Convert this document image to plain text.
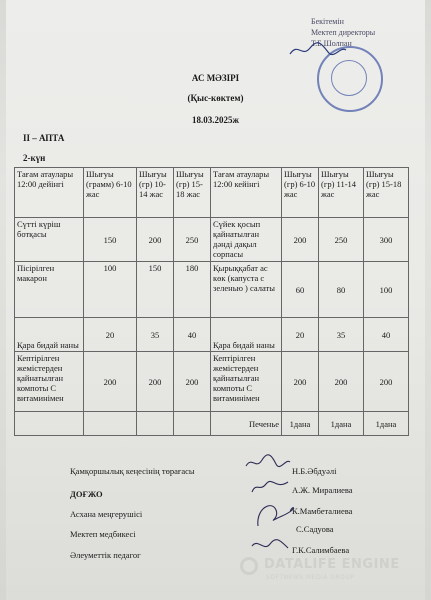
Бекітемін
Мектеп директоры
Т.Б.Шолпан
АС МӘЗІРІ
(Қыс-көктем)
18.03.2025ж
II – АПТА
2-күн
Тағам атаулары 12:00 дейінгі	Шығуы (грамм) 6-10 жас	Шығуы (гр) 10-14 жас	Шығуы (гр) 15-18 жас	Тағам атаулары 12:00 кейінгі	Шығуы (гр) 6-10 жас	Шығуы (гр) 11-14 жас	Шығуы (гр) 15-18 жас
Сүтті күріш ботқасы	150	200	250	Сүйек қосып қайнатылған дәнді дақыл сорпасы	200	250	300
Пісірілген макарон	100	150	180	Қырыққабат ас көк (капуста с зеленью ) салаты	60	80	100
Қара бидай наны	20	35	40	Қара бидай наны	20	35	40
Кептірілген жемістерден қайнатылған компоты С витаминімен	200	200	200	Кептірілген жемістерден қайнатылған компоты С витаминімен	200	200	200
				Печенье	1дана	1дана	1дана
Қамқоршылық кеңесінің төрағасы	Н.Б.Әбдуәлі
ДОҒЖО	А.Ж. Миралиева
Асхана меңгерушісі	К.Мамбеталиева
Мектеп медбикесі	С.Садуова
Әлеуметтік педагог	Г.К.Салимбаева
DATALIFE ENGINE
SOFTNEWS MEDIA GROUP
